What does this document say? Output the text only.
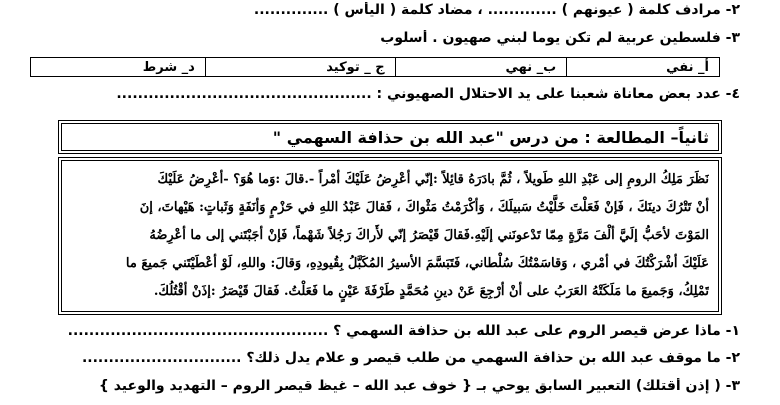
٢- مرادف كلمة ( عيونهم ) ............. ، مضاد كلمة ( اليأس ) ..............
٣- فلسطين عربية لم تكن يوما لبني صهيون . أسلوب
أ_ نفي	ب_ نهي	ج _ توكيد	د_ شرط
٤- عدد بعض معاناة شعبنا على يد الاحتلال الصهيوني : ................................................
ثانياً– المطالعة : من درس "عبد الله بن حذافة السهمي "

نَظَرَ مَلِكُ الرومِ إلى عَبْدِ اللهِ طَويلاً ، ثُمَّ بادَرَهُ قائِلاً :إنّي أعْرِضُ عَلَيْكَ أمْراً -.قالَ :وَما هُوَ؟ -أعْرِضُ عَلَيْكَ

أنْ تَتْرُكَ دينَكَ ، فَإنْ فَعَلْتَ خَلَّيْتُ سَبيلَكَ ، وَأكْرَمْتُ مَثْواكَ ، فَقالَ عَبْدُ اللهِ في حَزْمٍ وَأنَفَةٍ وَثَباتٍ: هَيْهاتَ، إنَ

المَوْتَ لأحَبُّ إلَيَّ ألْفَ مَرَّةٍ مِمّا تَدْعونَني إلَيْهِ.فَقالَ قَيْصَرُ إنّي لأَراكَ رَجُلاً شَهْماً، فَإنْ أجَبْتَني إلى ما أعْرِضُهُ

عَلَيْكَ أشْرَكْتُكَ في أمْري ، وَقاسَمْتُكَ سُلْطاني، فَتَبَسَّمَ الأسيرُ المُكَبَّلُ بِقُيودِهِ، وَقالَ: واللهِ، لَوْ أعْطَيْتَني جَميعَ ما

تَمْلِكُ، وَجَميعَ ما مَلَكَتْهُ العَرَبُ على أنْ أرْجِعَ عَنْ دينِ مُحَمَّدٍ طَرْفَةَ عَيْنٍ ما فَعَلْتُ. فَقالَ قَيْصَرُ :إذَنْ أقْتُلُكَ.

١- ماذا عرض قيصر الروم على عبد الله بن حذافة السهمي ؟ .................................................
٢- ما موقف عبد الله بن حذافة السهمي من طلب قيصر و علام يدل ذلك؟ ..............................
٣- ( إذن أقتلك) التعبير السابق يوحي بـ { خوف عبد الله – غيظ قيصر الروم – التهديد والوعيد }
